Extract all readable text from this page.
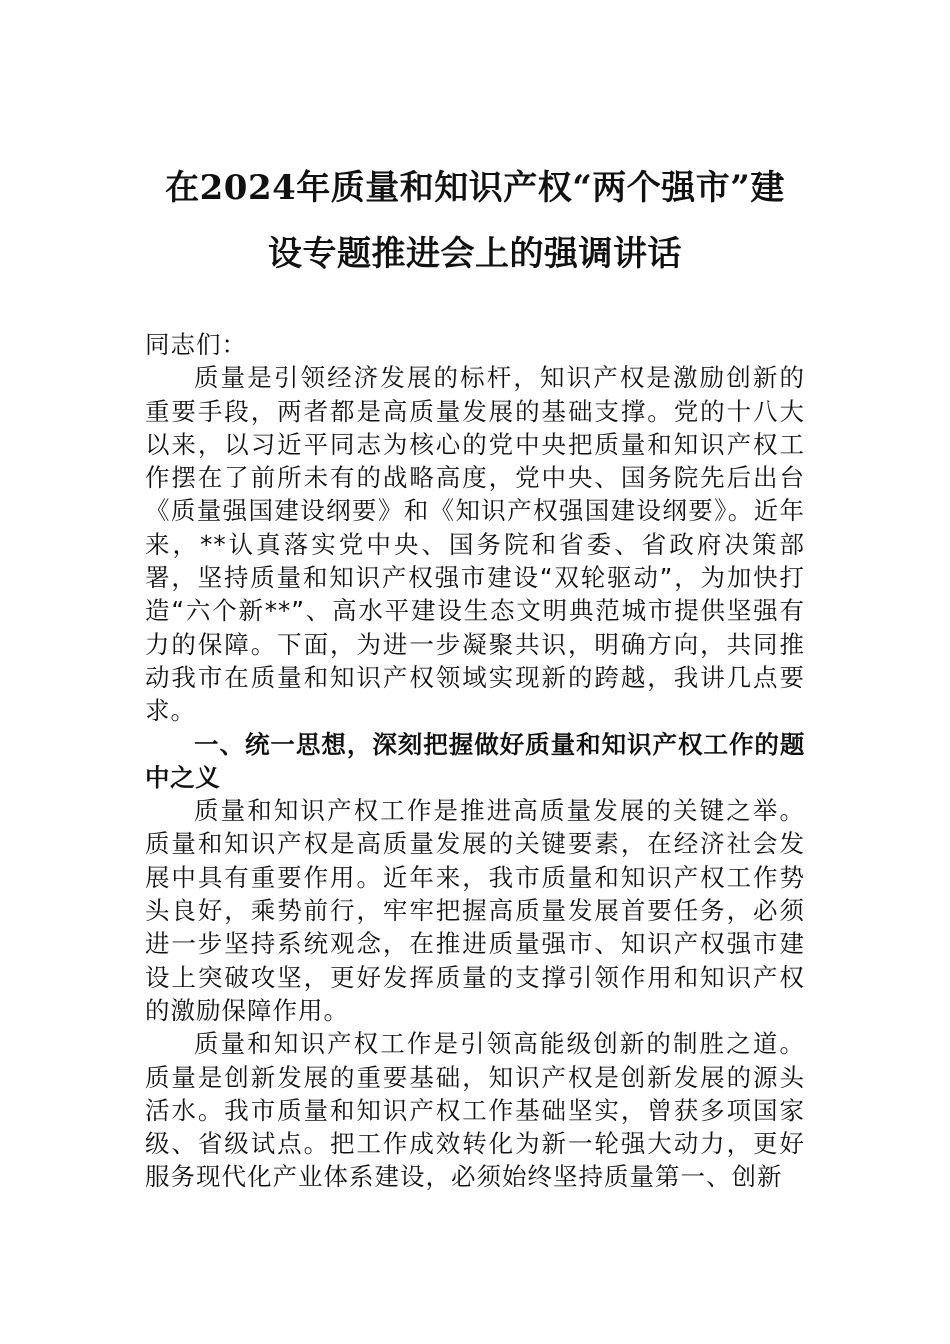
在2024年质量和知识产权“两个强市”建
设专题推进会上的强调讲话

同志们：

质量是引领经济发展的标杆，知识产权是激励创新的重要手段，两者都是高质量发展的基础支撑。党的十八大以来，以习近平同志为核心的党中央把质量和知识产权工作摆在了前所未有的战略高度，党中央、国务院先后出台《质量强国建设纲要》和《知识产权强国建设纲要》。近年来，**认真落实党中央、国务院和省委、省政府决策部署，坚持质量和知识产权强市建设“双轮驱动”，为加快打造“六个新**”、高水平建设生态文明典范城市提供坚强有力的保障。下面，为进一步凝聚共识，明确方向，共同推动我市在质量和知识产权领域实现新的跨越，我讲几点要求。

一、统一思想，深刻把握做好质量和知识产权工作的题中之义

质量和知识产权工作是推进高质量发展的关键之举。质量和知识产权是高质量发展的关键要素，在经济社会发展中具有重要作用。近年来，我市质量和知识产权工作势头良好，乘势前行，牢牢把握高质量发展首要任务，必须进一步坚持系统观念，在推进质量强市、知识产权强市建设上突破攻坚，更好发挥质量的支撑引领作用和知识产权的激励保障作用。

质量和知识产权工作是引领高能级创新的制胜之道。质量是创新发展的重要基础，知识产权是创新发展的源头活水。我市质量和知识产权工作基础坚实，曾获多项国家级、省级试点。把工作成效转化为新一轮强大动力，更好服务现代化产业体系建设，必须始终坚持质量第一、创新
